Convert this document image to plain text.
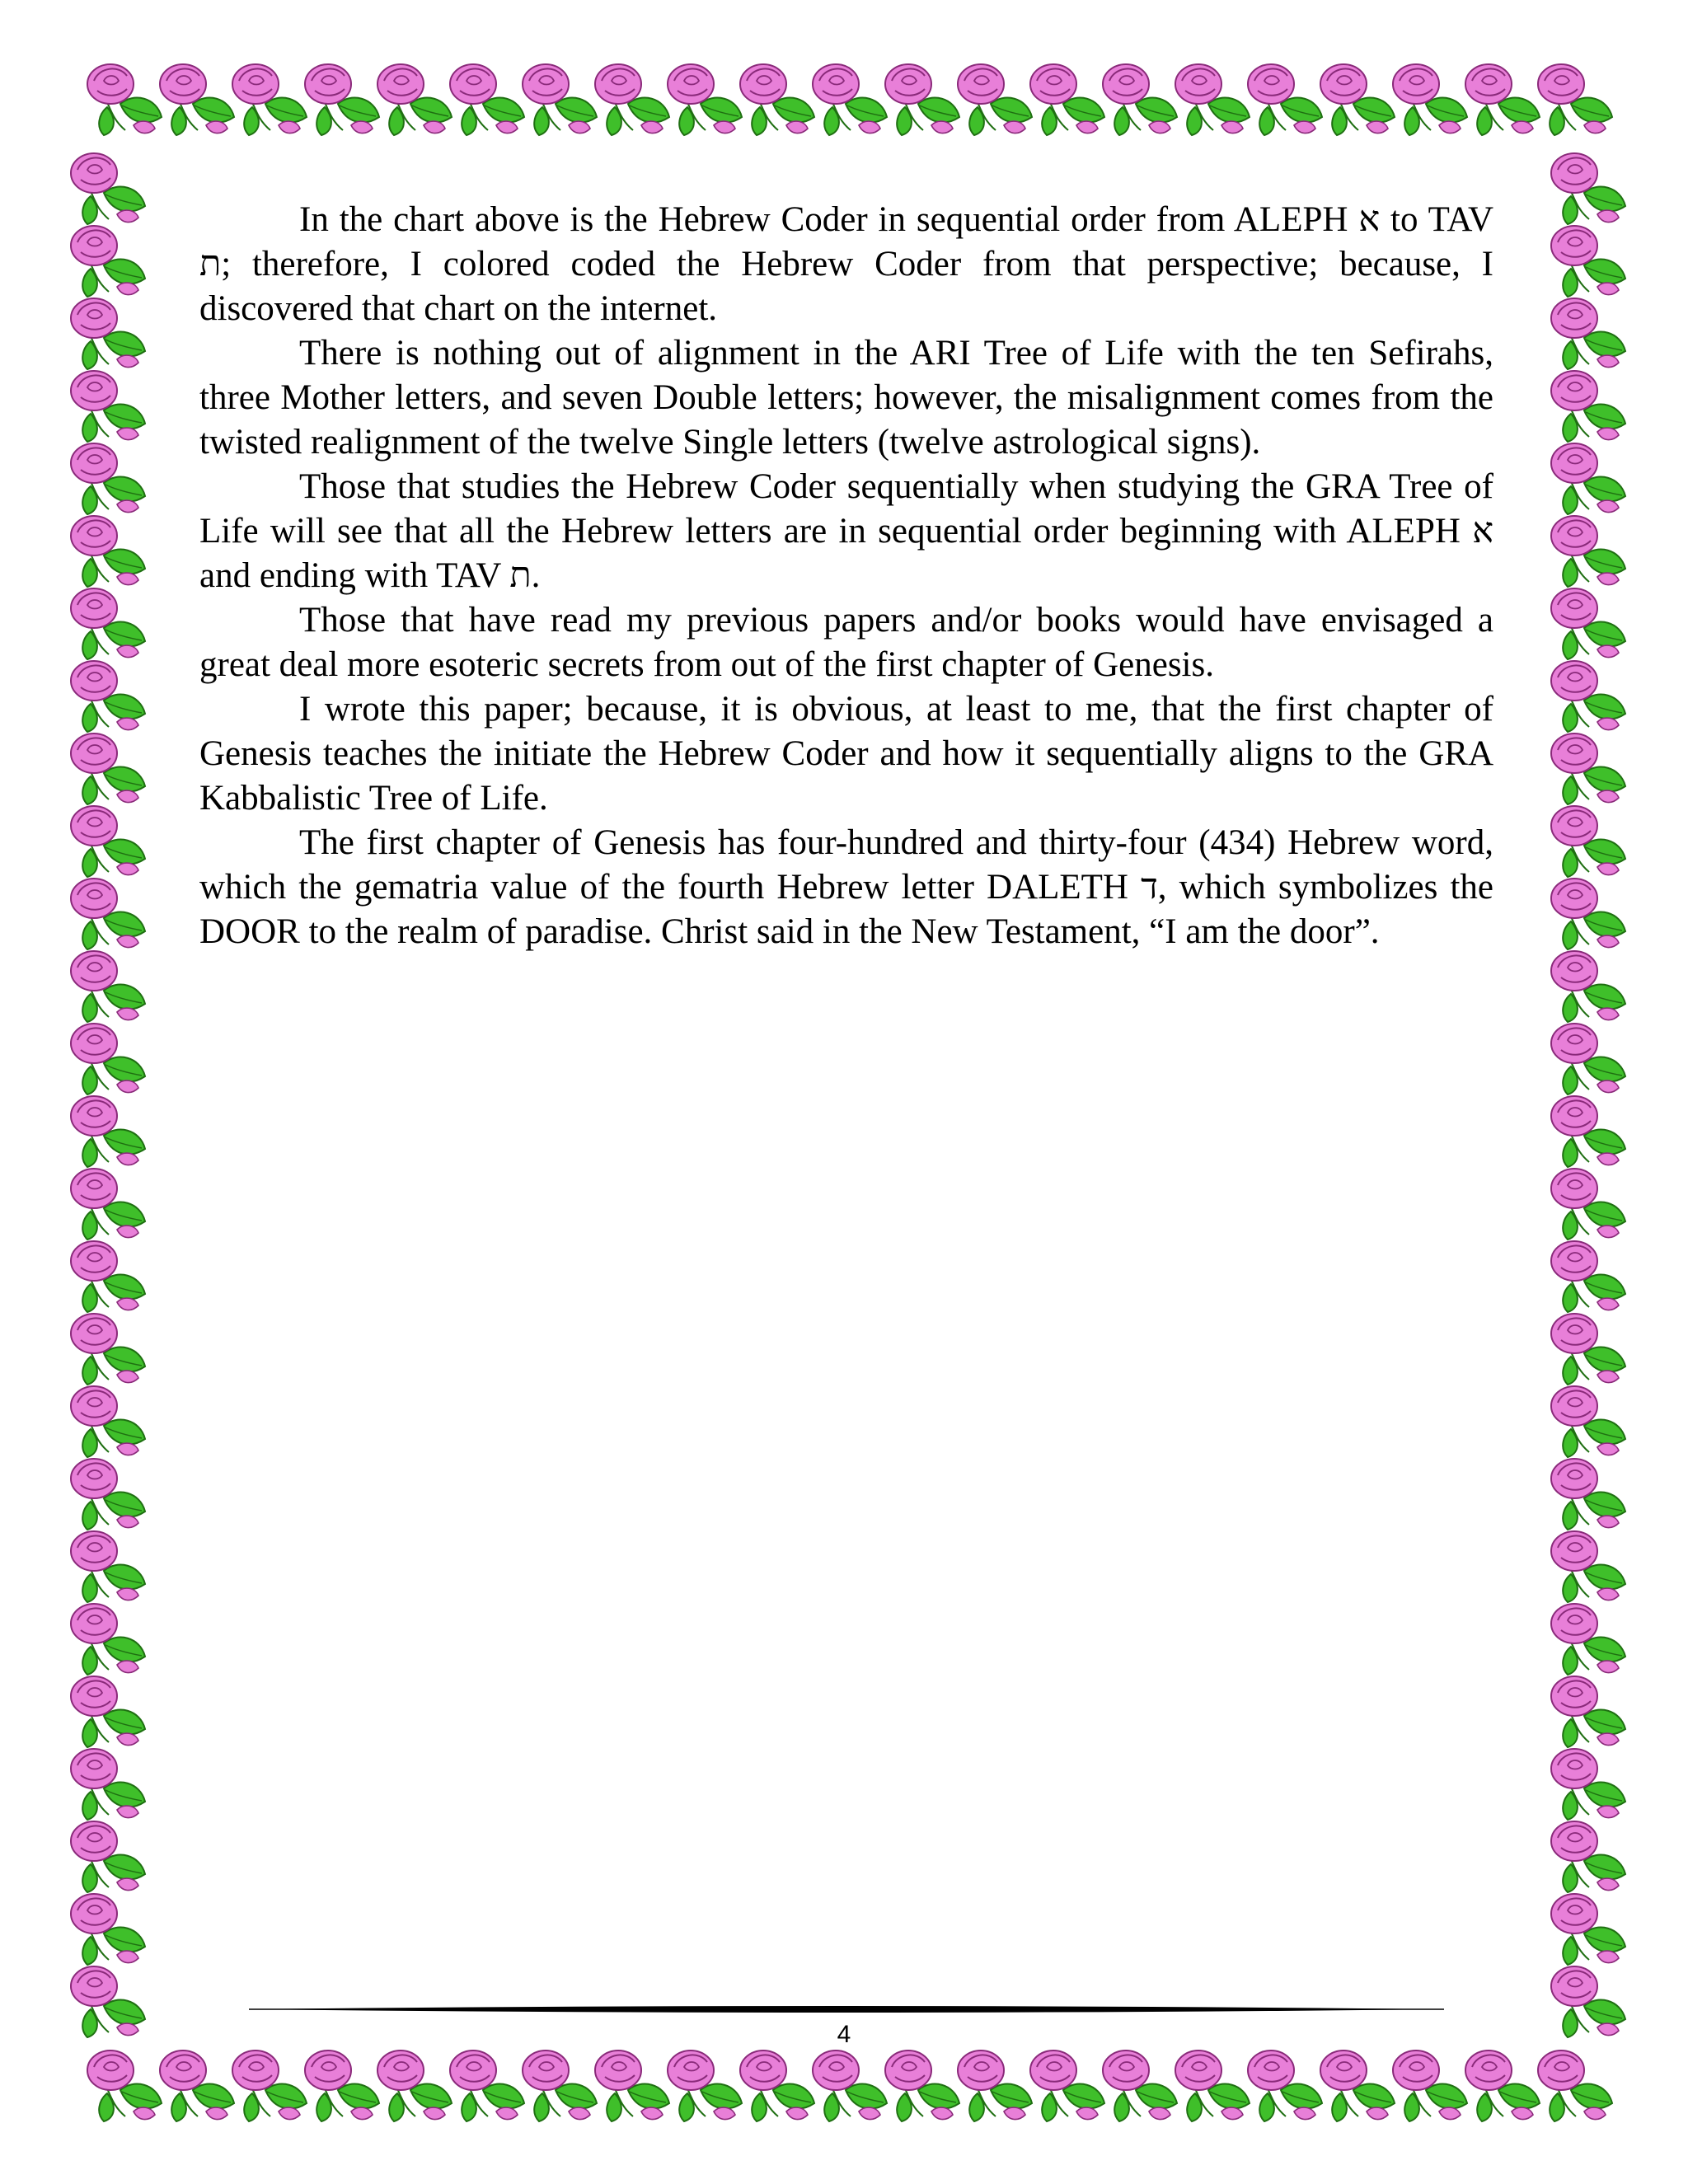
In the chart above is the Hebrew Coder in sequential order from ALEPH א to TAV ת; therefore, I colored coded the Hebrew Coder from that perspective; because, I discovered that chart on the internet.

There is nothing out of alignment in the ARI Tree of Life with the ten Sefirahs, three Mother letters, and seven Double letters; however, the misalignment comes from the twisted realignment of the twelve Single letters (twelve astrological signs).

Those that studies the Hebrew Coder sequentially when studying the GRA Tree of Life will see that all the Hebrew letters are in sequential order beginning with ALEPH א and ending with TAV ת.

Those that have read my previous papers and/or books would have envisaged a great deal more esoteric secrets from out of the first chapter of Genesis.

I wrote this paper; because, it is obvious, at least to me, that the first chapter of Genesis teaches the initiate the Hebrew Coder and how it sequentially aligns to the GRA Kabbalistic Tree of Life.

The first chapter of Genesis has four-hundred and thirty-four (434) Hebrew word, which the gematria value of the fourth Hebrew letter DALETH ד, which symbolizes the DOOR to the realm of paradise. Christ said in the New Testament, “I am the door”.

4
